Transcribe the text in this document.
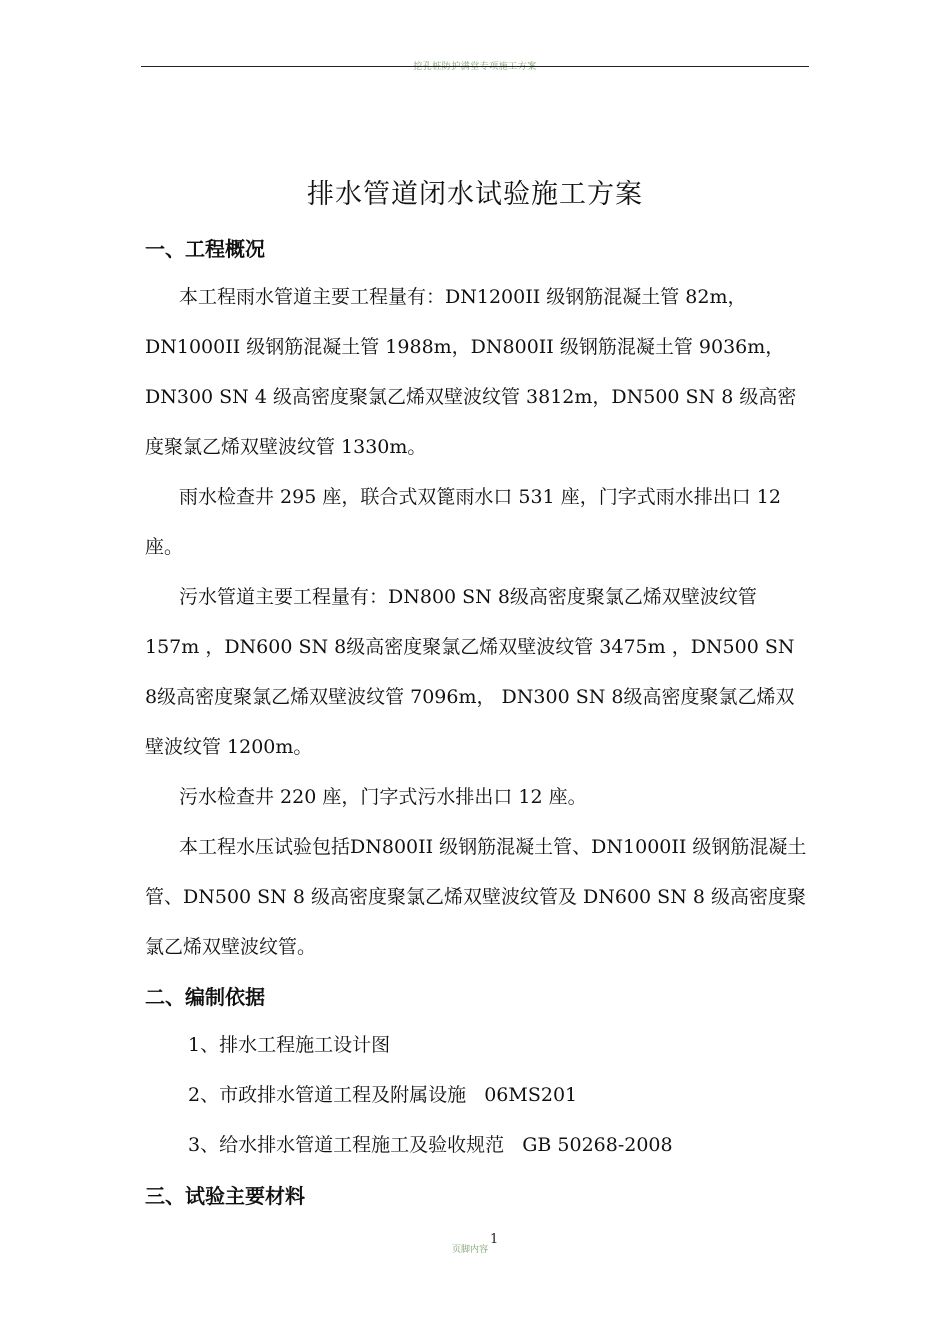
挖孔桩防护满堂专项施工方案
排水管道闭水试验施工方案
一、工程概况

本工程雨水管道主要工程量有：DN1200II 级钢筋混凝土管 82m，DN1000II 级钢筋混凝土管 1988m，DN800II 级钢筋混凝土管 9036m，DN300 SN 4 级高密度聚氯乙烯双壁波纹管 3812m，DN500 SN 8 级高密度聚氯乙烯双壁波纹管 1330m。

雨水检查井 295 座，联合式双篦雨水口 531 座，门字式雨水排出口 12 座。

污水管道主要工程量有：DN800 SN 8级高密度聚氯乙烯双壁波纹管 157m ，DN600 SN 8级高密度聚氯乙烯双壁波纹管 3475m ，DN500 SN 8级高密度聚氯乙烯双壁波纹管 7096m， DN300 SN 8级高密度聚氯乙烯双壁波纹管 1200m。

污水检查井 220 座，门字式污水排出口 12 座。

本工程水压试验包括DN800II 级钢筋混凝土管、DN1000II 级钢筋混凝土管、DN500 SN 8 级高密度聚氯乙烯双壁波纹管及 DN600 SN 8 级高密度聚氯乙烯双壁波纹管。

二、编制依据
1、排水工程施工设计图
2、市政排水管道工程及附属设施   06MS201
3、给水排水管道工程施工及验收规范   GB 50268-2008
三、试验主要材料
页脚内容
1
